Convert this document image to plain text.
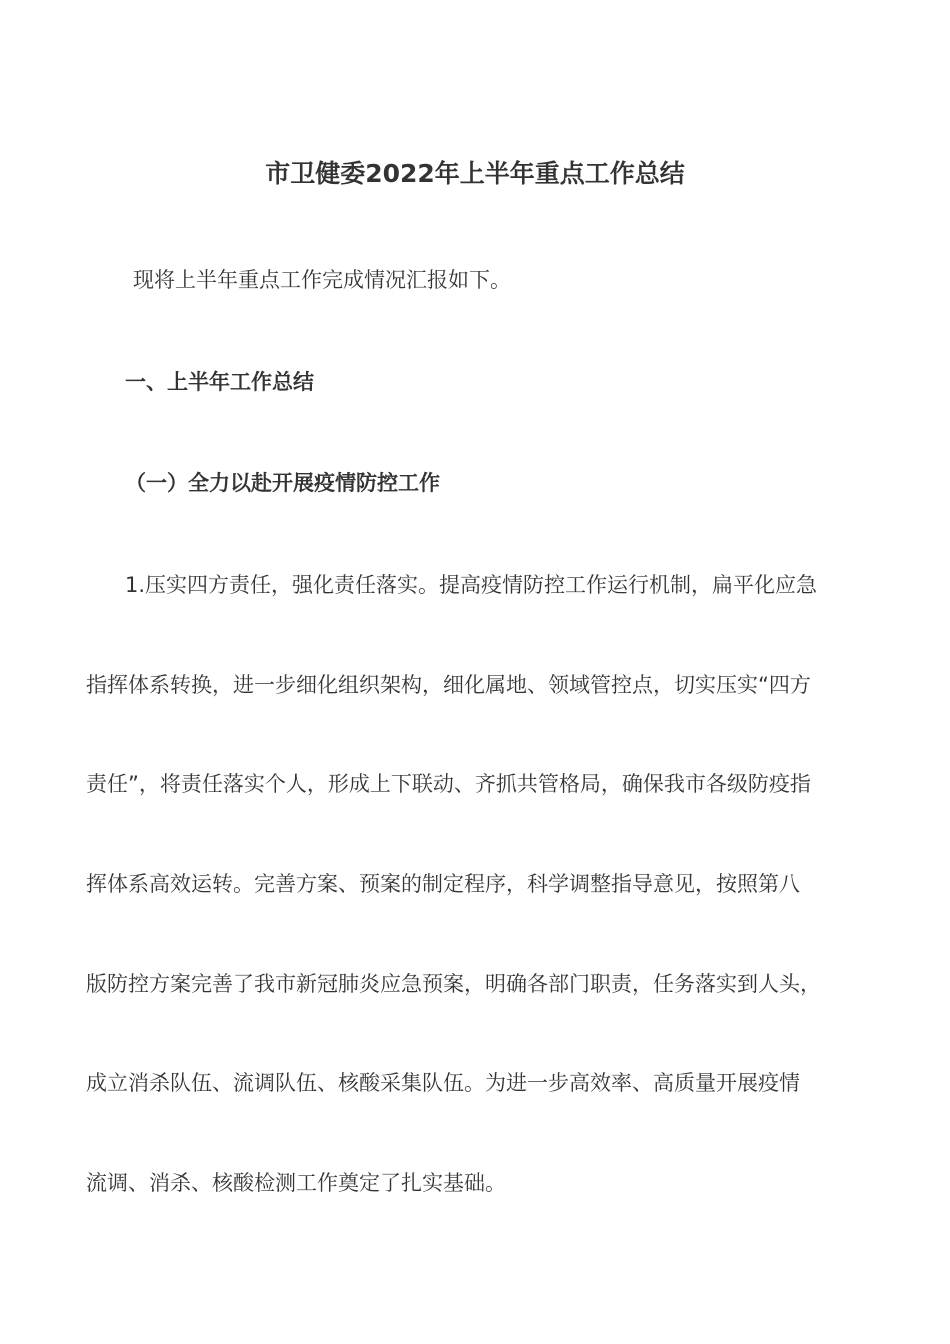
市卫健委2022年上半年重点工作总结
现将上半年重点工作完成情况汇报如下。
一、上半年工作总结
（一）全力以赴开展疫情防控工作
1.压实四方责任，强化责任落实。提高疫情防控工作运行机制，扁平化应急
指挥体系转换，进一步细化组织架构，细化属地、领域管控点，切实压实“四方
责任”，将责任落实个人，形成上下联动、齐抓共管格局，确保我市各级防疫指
挥体系高效运转。完善方案、预案的制定程序，科学调整指导意见，按照第八
版防控方案完善了我市新冠肺炎应急预案，明确各部门职责，任务落实到人头，
成立消杀队伍、流调队伍、核酸采集队伍。为进一步高效率、高质量开展疫情
流调、消杀、核酸检测工作奠定了扎实基础。
